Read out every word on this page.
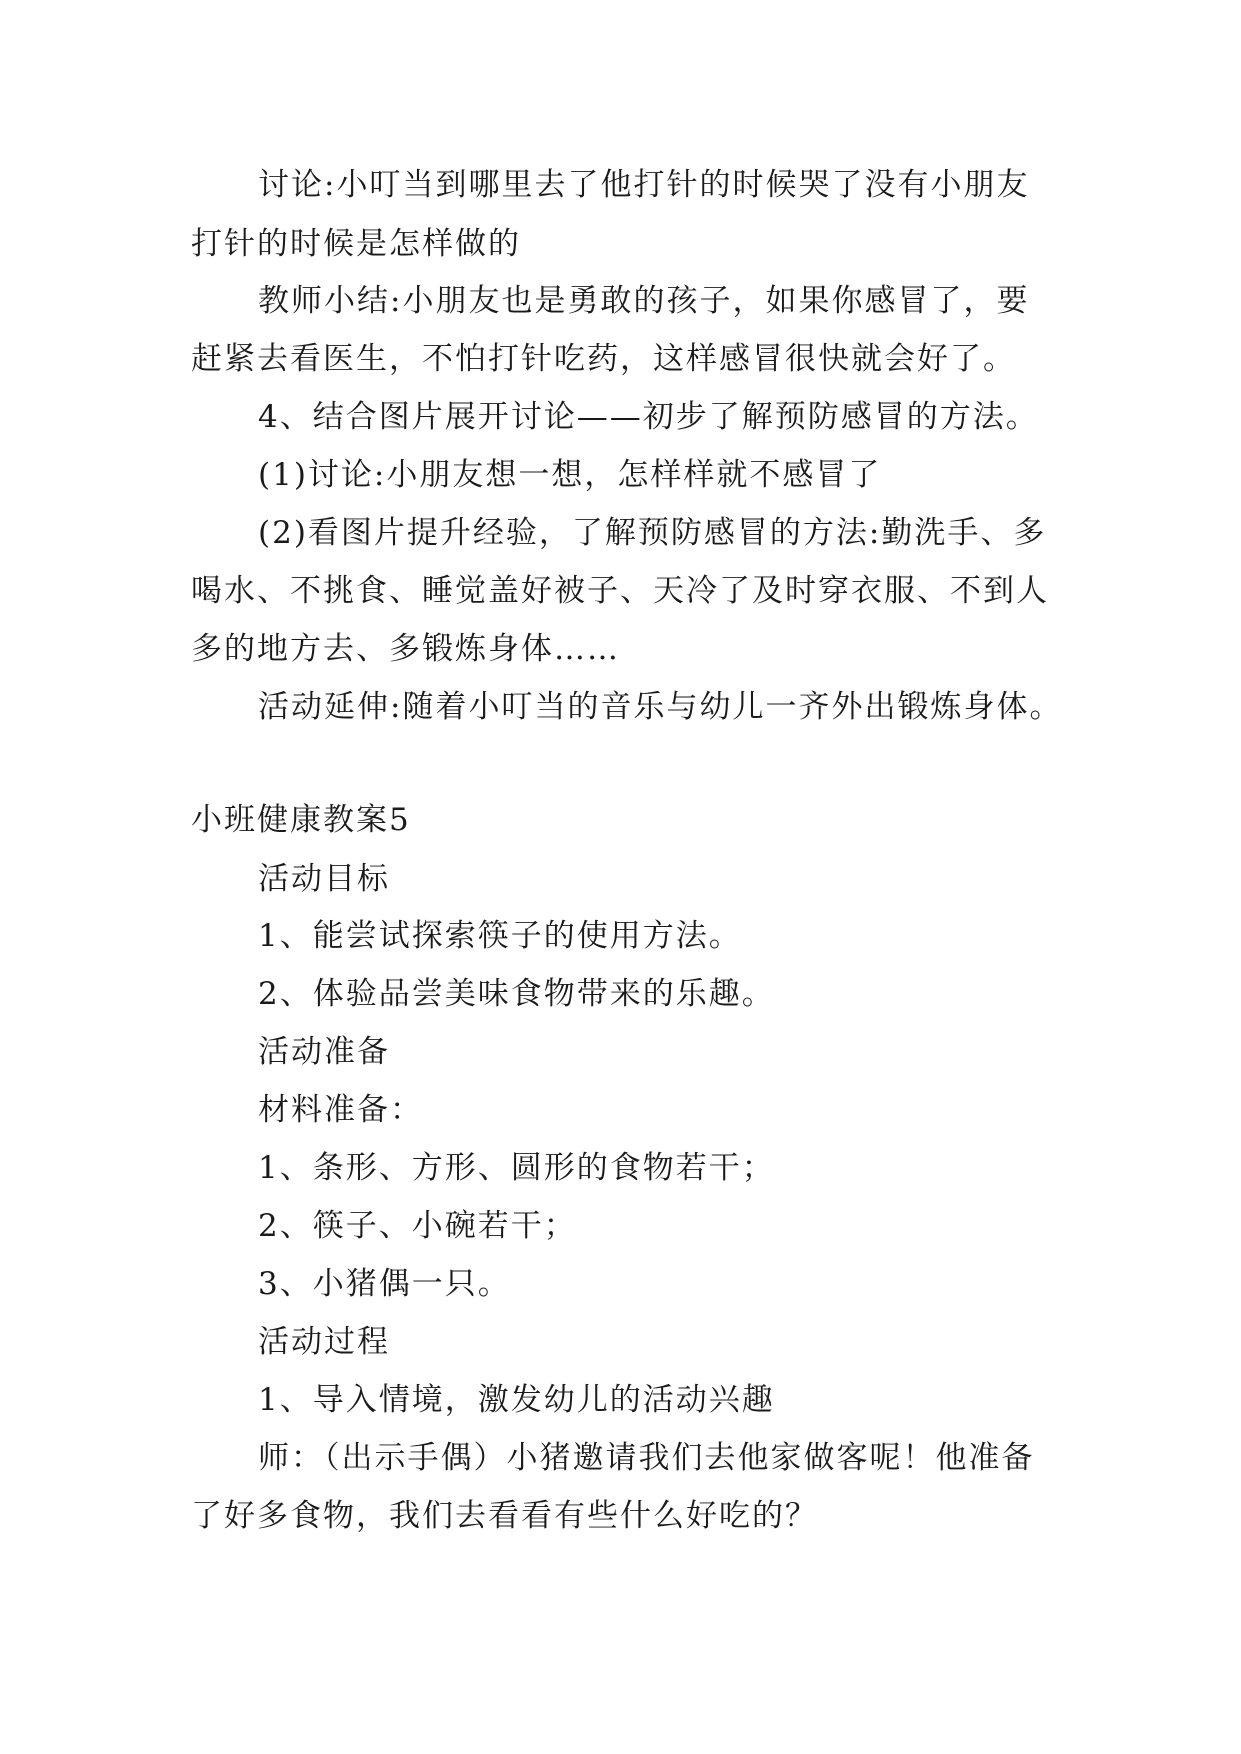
讨论:小叮当到哪里去了他打针的时候哭了没有小朋友
打针的时候是怎样做的
教师小结:小朋友也是勇敢的孩子，如果你感冒了，要
赶紧去看医生，不怕打针吃药，这样感冒很快就会好了。
4、结合图片展开讨论——初步了解预防感冒的方法。
(1)讨论:小朋友想一想，怎样样就不感冒了
(2)看图片提升经验，了解预防感冒的方法:勤洗手、多
喝水、不挑食、睡觉盖好被子、天冷了及时穿衣服、不到人
多的地方去、多锻炼身体……
活动延伸:随着小叮当的音乐与幼儿一齐外出锻炼身体。
小班健康教案5
活动目标
1、能尝试探索筷子的使用方法。
2、体验品尝美味食物带来的乐趣。
活动准备
材料准备：
1、条形、方形、圆形的食物若干；
2、筷子、小碗若干；
3、小猪偶一只。
活动过程
1、导入情境，激发幼儿的活动兴趣
师：（出示手偶）小猪邀请我们去他家做客呢！他准备
了好多食物，我们去看看有些什么好吃的？
